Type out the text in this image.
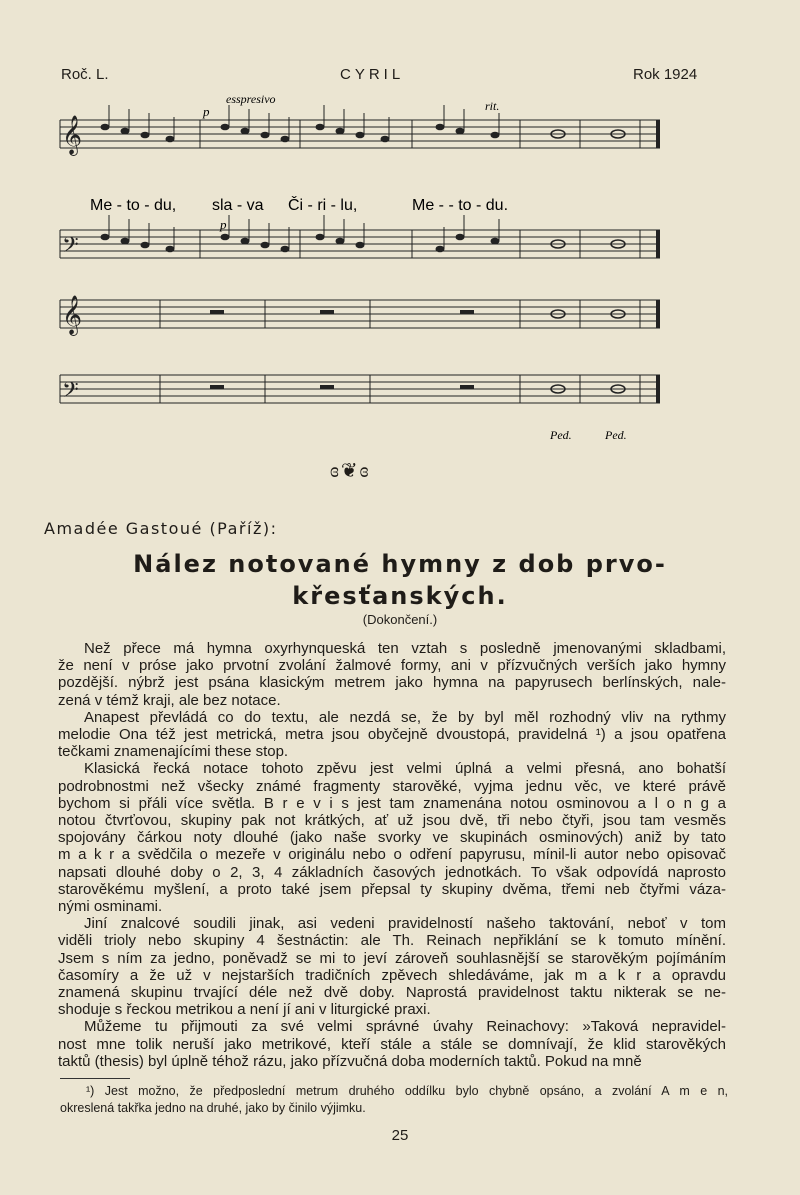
Roč. L.	CYRIL	Rok 1924
𝄞
𝄢
𝄞
𝄢
p
esspresivo	rit.
Me - to - du, sla - va Či - ri - lu,	Me - - to - du.
p
Ped.	Ped.
ɞ❦ɞ
Amadée Gastoué (Paříž):
Nález notované hymny z dob prvo-
křesťanských.
(Dokončení.)
Než přece má hymna oxyrhynqueská ten vztah s posledně jmenovanými skladbami,
že není v próse jako prvotní zvolání žalmové formy, ani v přízvučných verších jako hymny
pozdější. nýbrž jest psána klasickým metrem jako hymna na papyrusech berlínských, nale-
zená v témž kraji, ale bez notace.
Anapest převládá co do textu, ale nezdá se, že by byl měl rozhodný vliv na rythmy
melodie Ona též jest metrická, metra jsou obyčejně dvoustopá, pravidelná ¹) a jsou opatřena
tečkami znamenajícími these stop.
Klasická řecká notace tohoto zpěvu jest velmi úplná a velmi přesná, ano bohatší
podrobnostmi než všecky známé fragmenty starověké, vyjma jednu věc, ve které právě
bychom si přáli více světla. B r e v i s jest tam znamenána notou osminovou a l o n g a
notou čtvrťovou, skupiny pak not krátkých, ať už jsou dvě, tři nebo čtyři, jsou tam vesměs
spojovány čárkou noty dlouhé (jako naše svorky ve skupinách osminových) aniž by tato
m a k r a svědčila o mezeře v originálu nebo o odření papyrusu, mínil-li autor nebo opisovač
napsati dlouhé doby o 2, 3, 4 základních časových jednotkách. To však odpovídá naprosto
starověkému myšlení, a proto také jsem přepsal ty skupiny dvěma, třemi neb čtyřmi váza-
nými osminami.
Jiní znalcové soudili jinak, asi vedeni pravidelností našeho taktování, neboť v tom
viděli trioly nebo skupiny 4 šestnáctin: ale Th. Reinach nepřiklání se k tomuto mínění.
Jsem s ním za jedno, poněvadž se mi to jeví zároveň souhlasnější se starověkým pojímáním
časomíry a že už v nejstarších tradičních zpěvech shledáváme, jak m a k r a opravdu
znamená skupinu trvající déle než dvě doby. Naprostá pravidelnost taktu nikterak se ne-
shoduje s řeckou metrikou a není jí ani v liturgické praxi.
Můžeme tu přijmouti za své velmi správné úvahy Reinachovy: »Taková nepravidel-
nost mne tolik neruší jako metrikové, kteří stále a stále se domnívají, že klid starověkých
taktů (thesis) byl úplně téhož rázu, jako přízvučná doba moderních taktů. Pokud na mně
¹) Jest možno, že předposlední metrum druhého oddílku bylo chybně opsáno, a zvolání A m e n,
okreslená takřka jedno na druhé, jako by činilo výjimku.
25
